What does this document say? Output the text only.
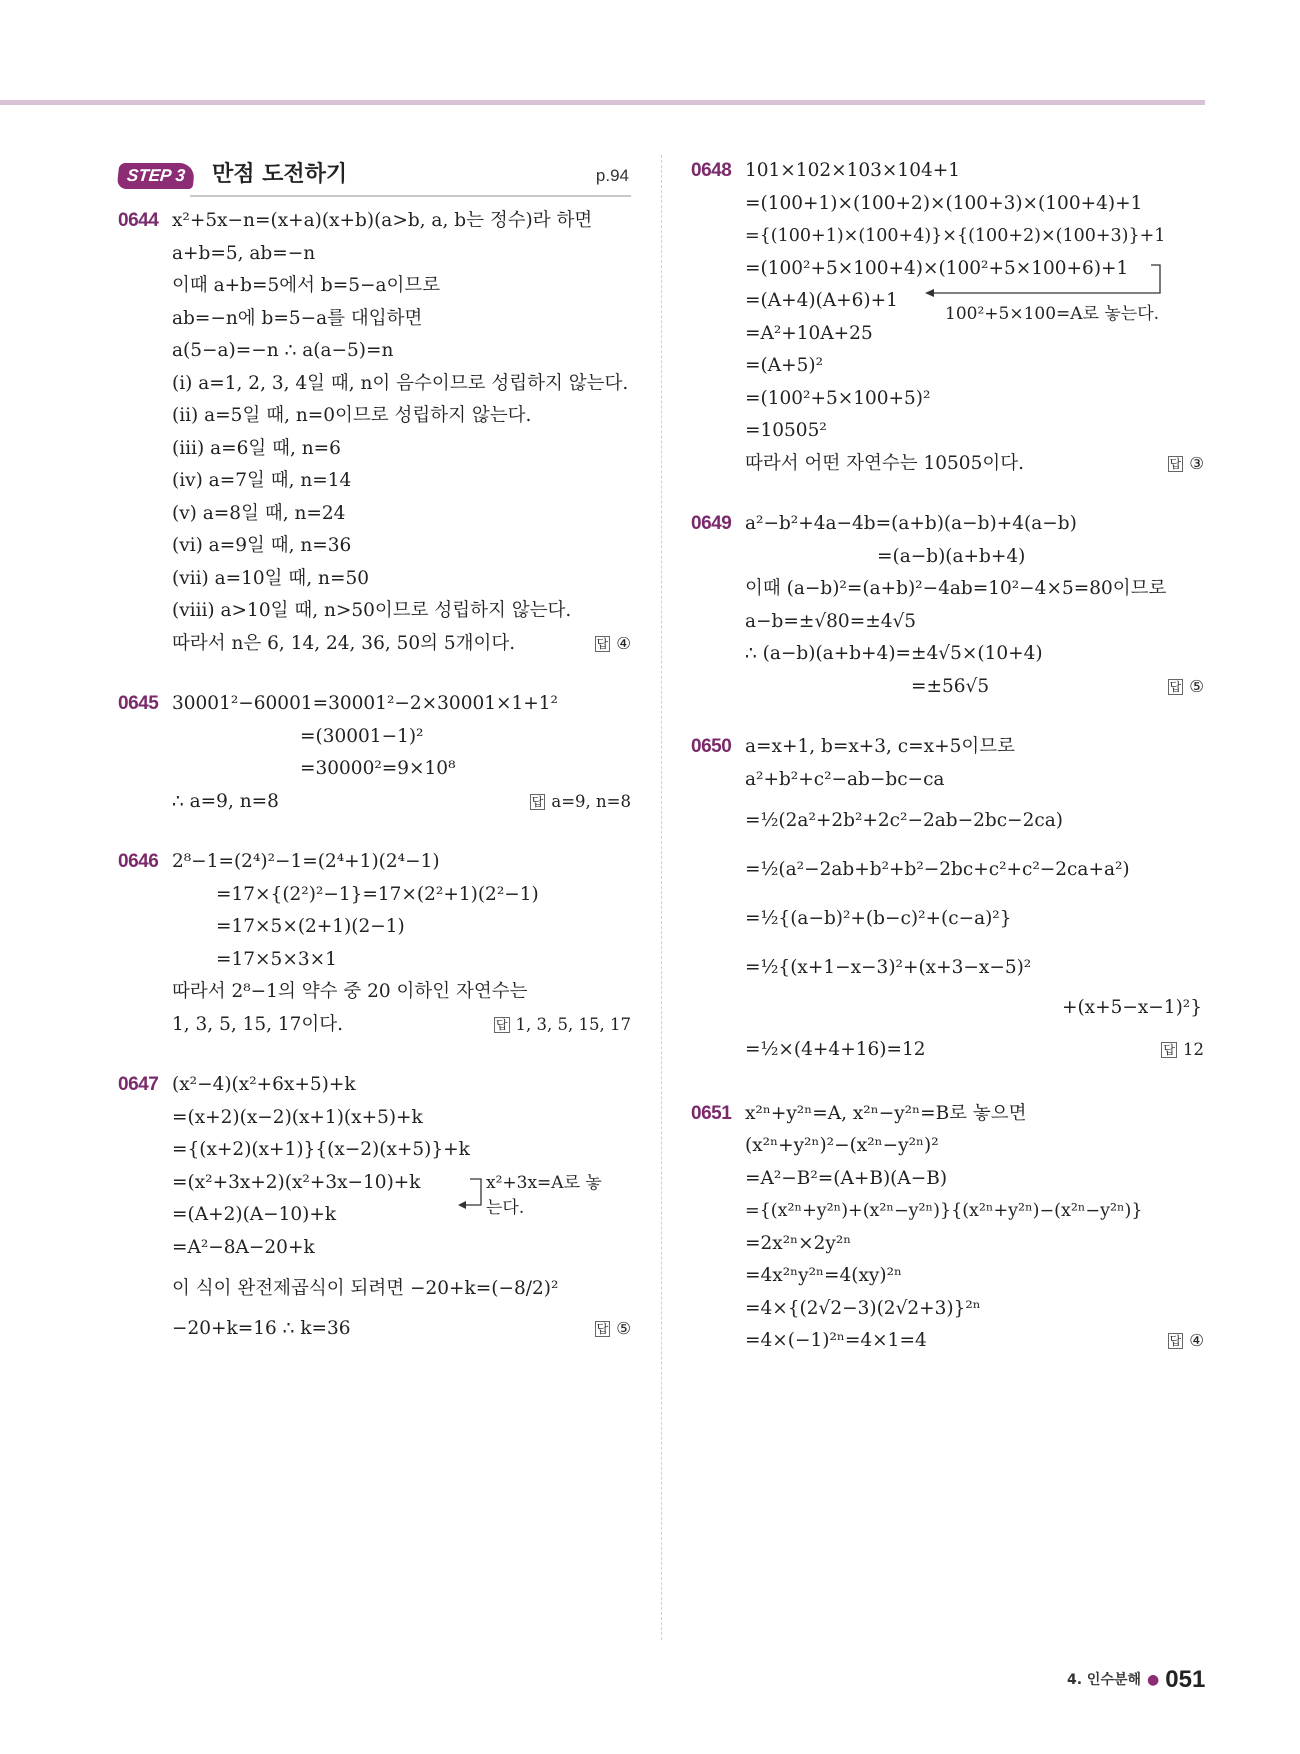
STEP 3	만점 도전하기	p.94
0644 x²+5x−n=(x+a)(x+b)(a>b, a, b는 정수)라 하면
a+b=5, ab=−n
이때 a+b=5에서 b=5−a이므로
ab=−n에 b=5−a를 대입하면
a(5−a)=−n ∴ a(a−5)=n
(ⅰ) a=1, 2, 3, 4일 때, n이 음수이므로 성립하지 않는다.
(ⅱ) a=5일 때, n=0이므로 성립하지 않는다.
(ⅲ) a=6일 때, n=6
(ⅳ) a=7일 때, n=14
(ⅴ) a=8일 때, n=24
(ⅵ) a=9일 때, n=36
(ⅶ) a=10일 때, n=50
(ⅷ) a>10일 때, n>50이므로 성립하지 않는다.
따라서 n은 6, 14, 24, 36, 50의 5개이다.	답 ④
0645 30001²−60001=30001²−2×30001×1+1²
=(30001−1)²
=30000²=9×10⁸
∴ a=9, n=8	답 a=9, n=8
0646 2⁸−1=(2⁴)²−1=(2⁴+1)(2⁴−1)
=17×{(2²)²−1}=17×(2²+1)(2²−1)
=17×5×(2+1)(2−1)
=17×5×3×1
따라서 2⁸−1의 약수 중 20 이하인 자연수는
1, 3, 5, 15, 17이다.	답 1, 3, 5, 15, 17
0647 (x²−4)(x²+6x+5)+k
=(x+2)(x−2)(x+1)(x+5)+k
={(x+2)(x+1)}{(x−2)(x+5)}+k
=(x²+3x+2)(x²+3x−10)+k
=(A+2)(A−10)+k
=A²−8A−20+k
이 식이 완전제곱식이 되려면 −20+k=(−8/2)²
−20+k=16 ∴ k=36	답 ⑤
x²+3x=A로 놓는다.
0648 101×102×103×104+1
=(100+1)×(100+2)×(100+3)×(100+4)+1
={(100+1)×(100+4)}×{(100+2)×(100+3)}+1
=(100²+5×100+4)×(100²+5×100+6)+1
=(A+4)(A+6)+1
=A²+10A+25
=(A+5)²
=(100²+5×100+5)²
=10505²
따라서 어떤 자연수는 10505이다.	답 ③
100²+5×100=A로 놓는다.
0649 a²−b²+4a−4b=(a+b)(a−b)+4(a−b)
=(a−b)(a+b+4)
이때 (a−b)²=(a+b)²−4ab=10²−4×5=80이므로
a−b=±√80=±4√5
∴ (a−b)(a+b+4)=±4√5×(10+4)
=±56√5	답 ⑤
0650 a=x+1, b=x+3, c=x+5이므로
a²+b²+c²−ab−bc−ca
=½(2a²+2b²+2c²−2ab−2bc−2ca)
=½(a²−2ab+b²+b²−2bc+c²+c²−2ca+a²)
=½{(a−b)²+(b−c)²+(c−a)²}
=½{(x+1−x−3)²+(x+3−x−5)²
+(x+5−x−1)²}
=½×(4+4+16)=12	답 12
0651 x²ⁿ+y²ⁿ=A, x²ⁿ−y²ⁿ=B로 놓으면
(x²ⁿ+y²ⁿ)²−(x²ⁿ−y²ⁿ)²
=A²−B²=(A+B)(A−B)
={(x²ⁿ+y²ⁿ)+(x²ⁿ−y²ⁿ)}{(x²ⁿ+y²ⁿ)−(x²ⁿ−y²ⁿ)}
=2x²ⁿ×2y²ⁿ
=4x²ⁿy²ⁿ=4(xy)²ⁿ
=4×{(2√2−3)(2√2+3)}²ⁿ
=4×(−1)²ⁿ=4×1=4	답 ④
4. 인수분해 ● 051
